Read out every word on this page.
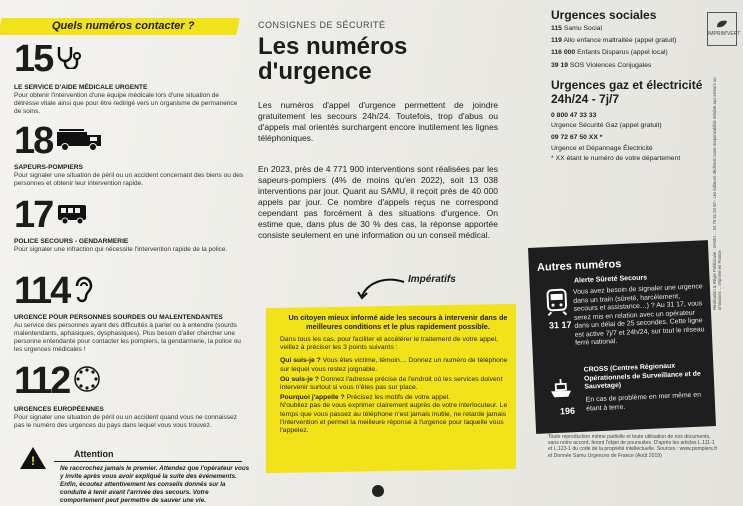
Quels numéros contacter ?
15
LE SERVICE D'AIDE MÉDICALE URGENTE
Pour obtenir l'intervention d'une équipe médicale lors d'une situation de détresse vitale ainsi que pour être redirigé vers un organisme de permanence de soins.
18
SAPEURS-POMPIERS
Pour signaler une situation de péril ou un accident concernant des biens ou des personnes et obtenir leur intervention rapide.
17
POLICE SECOURS - GENDARMERIE
Pour signaler une infraction qui nécessite l'intervention rapide de la police.
114
URGENCE POUR PERSONNES SOURDES OU MALENTENDANTES
Au service des personnes ayant des difficultés à parler ou à entendre (sourds malentendants, aphasiques, dysphasiques). Plus besoin d'aller chercher une personne entendante pour contacter les pompiers, la gendarmerie, la police ou les urgences médicales !
112
URGENCES EUROPÉENNES
Pour signaler une situation de péril ou un accident quand vous ne connaissez pas le numéro des urgences du pays dans lequel vous vous trouvez.
!	Attention
Ne raccrochez jamais le premier. Attendez que l'opérateur vous y invite après vous avoir expliqué la suite des événements. Enfin, écoutez attentivement les conseils donnés sur la conduite à tenir avant l'arrivée des secours. Votre comportement peut permettre de sauver une vie.
CONSIGNES DE SÉCURITÉ
Les numéros d'urgence
Les numéros d'appel d'urgence permettent de joindre gratuitement les secours 24h/24. Toutefois, trop d'abus ou d'appels mal orientés surchargent encore inutilement les lignes téléphoniques.
En 2023, près de 4 771 900 interventions sont réalisées par les sapeurs-pompiers (4% de moins qu'en 2022), soit 13 038 interventions par jour. Quant au SAMU, il reçoit près de 40 000 appels par jour. Ce nombre d'appels reçus ne correspond cependant pas forcément à des situations d'urgence. On estime que, dans plus de 30 % des cas, la réponse apportée consiste seulement en une information ou un conseil médical.
Impératifs
Un citoyen mieux informé aide les secours à intervenir dans de meilleures conditions et le plus rapidement possible.
Dans tous les cas, pour faciliter et accélérer le traitement de votre appel, veillez à préciser les 3 points suivants :
Qui suis-je ? Vous êtes victime, témoin… Donnez un numéro de téléphone sur lequel vous restez joignable.
Où suis-je ? Donnez l'adresse précise de l'endroit où les services doivent intervenir surtout si vous n'êtes pas sur place.
Pourquoi j'appelle ? Précisez les motifs de votre appel.
N'oubliez pas de vous exprimer clairement auprès de votre interlocuteur. Le temps que vous passez au téléphone n'est jamais inutile, ne retarde jamais l'intervention et permet la meilleure réponse à l'urgence pour laquelle vous l'appelez.
Urgences sociales
115 Samu Social
119 Allo enfance maltraitée (appel gratuit)
116 000 Enfants Disparus (appel local)
39 19 SOS Violences Conjugales
Urgences gaz et électricité 24h/24 - 7j/7
0 800 47 33 33
Urgence Sécurité Gaz (appel gratuit)
09 72 67 50 XX *
Urgence et Dépannage Électricité
* XX étant le numéro de votre département
IMPRIM'VERT
Réalisation & Régie Publicitaire : SAMU ... 04 75 51 00 00 - Les éditeurs déclinent toute responsabilité relative aux erreurs ou omissions ... Imprimé en France.
Autres numéros
Alerte Sûreté Secours
Vous avez besoin de signaler une urgence dans un train (sûreté, harcèlement, secours et assistance…) ? Au 31 17, vous serez mis en relation avec un opérateur dans un délai de 25 secondes. Cette ligne est active 7j/7 et 24h/24, sur tout le réseau ferré national.
31 17
CROSS (Centres Régionaux Opérationnels de Surveillance et de Sauvetage)
En cas de problème en mer même en étant à terre.
196
Toute reproduction même partielle et toute utilisation de nos documents, sans notre accord, feront l'objet de poursuites. D'après les articles L.111-1 et L.123-1 du code de la propriété intellectuelle. Sources : www.pompiers.fr et Donnée Samu Urgences de France (Août 2019)
